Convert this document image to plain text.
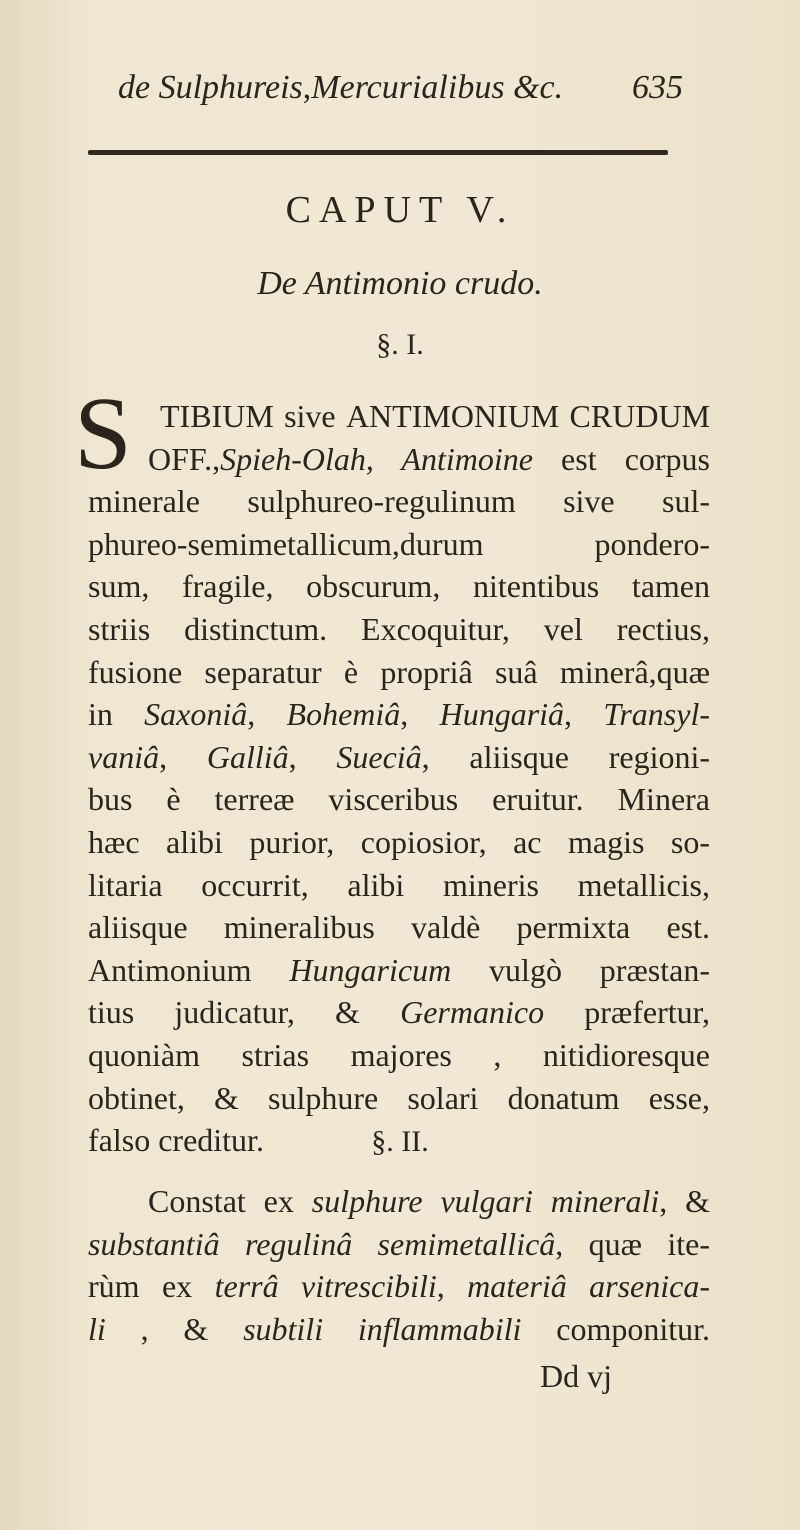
de Sulphureis,Mercurialibus &c. 635
CAPUT V.
De Antimonio crudo.
§. I.
S TIBIUM sive ANTIMONIUM CRUDUM
OFF.,Spieh-Olah, Antimoine est corpus
minerale sulphureo-regulinum sive sul-
phureo-semimetallicum,durum pondero-
sum, fragile, obscurum, nitentibus tamen
striis distinctum. Excoquitur, vel rectius,
fusione separatur è propriâ suâ minerâ,quæ
in Saxoniâ, Bohemiâ, Hungariâ, Transyl-
vaniâ, Galliâ, Sueciâ, aliisque regioni-
bus è terreæ visceribus eruitur. Minera
hæc alibi purior, copiosior, ac magis so-
litaria occurrit, alibi mineris metallicis,
aliisque mineralibus valdè permixta est.
Antimonium Hungaricum vulgò præstan-
tius judicatur, & Germanico præfertur,
quoniàm strias majores , nitidioresque
obtinet, & sulphure solari donatum esse,
falso creditur.	§. II.
Constat ex sulphure vulgari minerali, &
substantiâ regulinâ semimetallicâ, quæ ite-
rùm ex terrâ vitrescibili, materiâ arsenica-
li , & subtili inflammabili componitur.
Dd vj
